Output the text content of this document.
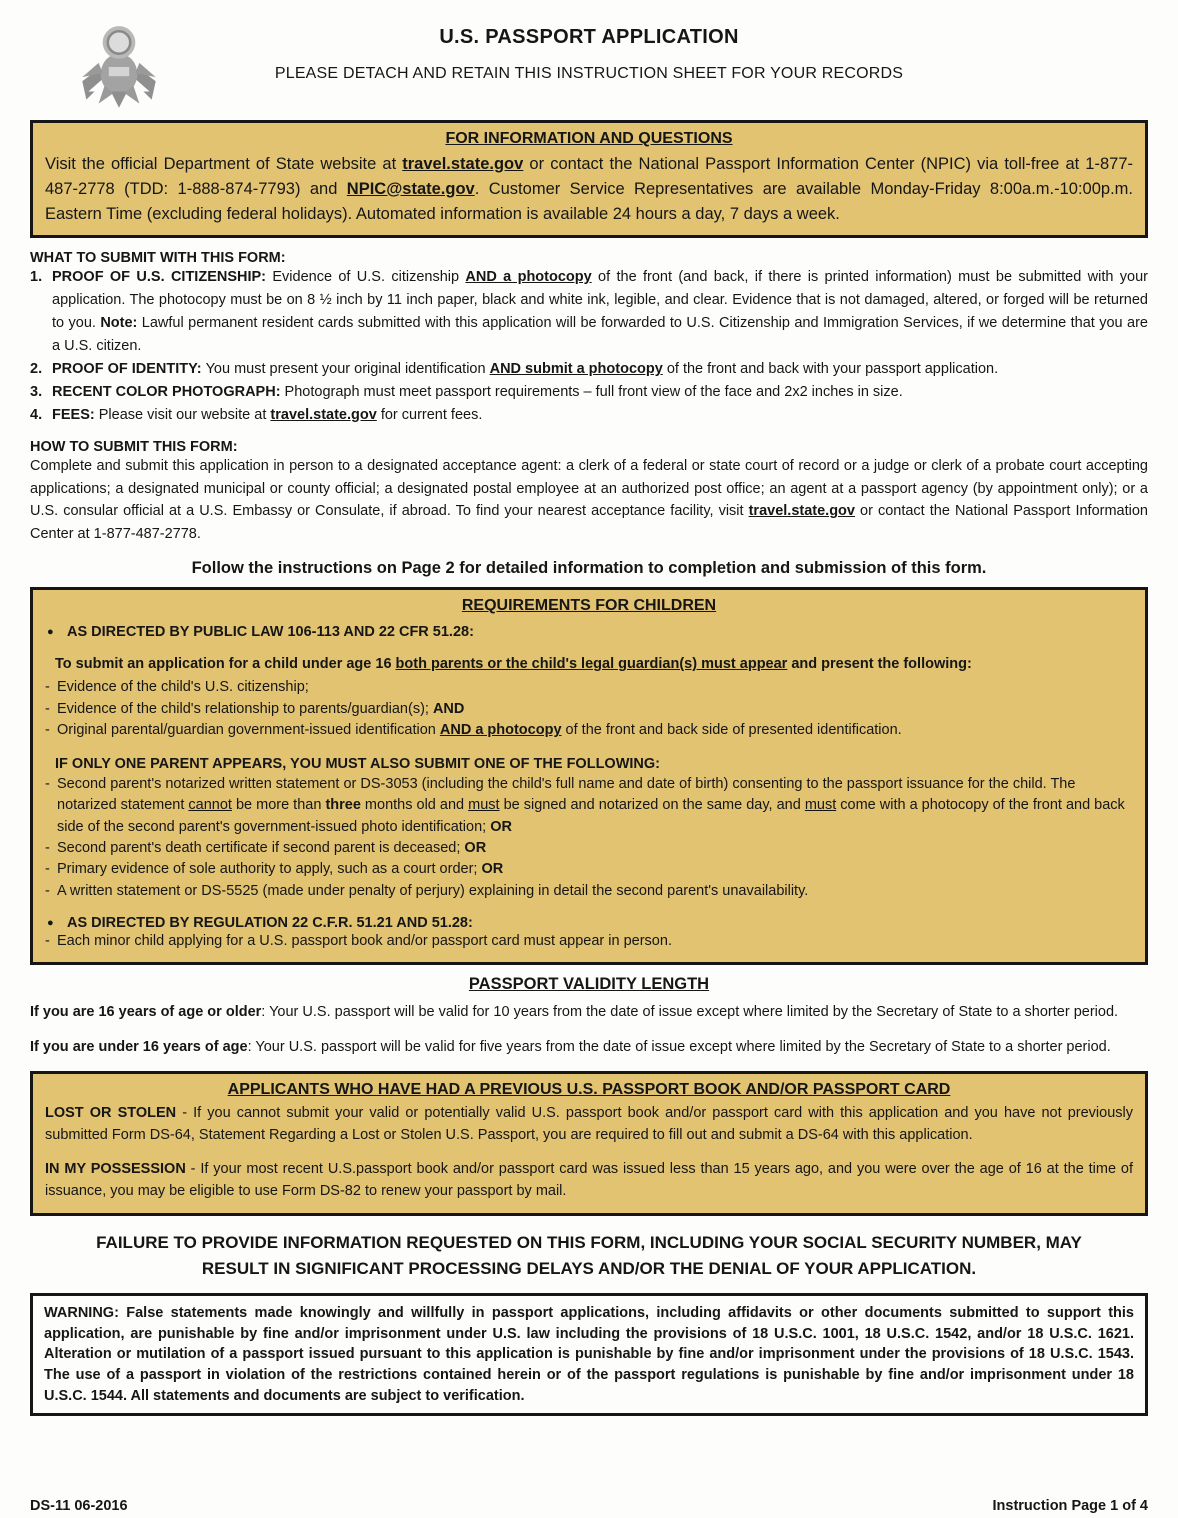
U.S. PASSPORT APPLICATION
PLEASE DETACH AND RETAIN THIS INSTRUCTION SHEET FOR YOUR RECORDS
FOR INFORMATION AND QUESTIONS
Visit the official Department of State website at travel.state.gov or contact the National Passport Information Center (NPIC) via toll-free at 1-877-487-2778 (TDD: 1-888-874-7793) and NPIC@state.gov. Customer Service Representatives are available Monday-Friday 8:00a.m.-10:00p.m. Eastern Time (excluding federal holidays). Automated information is available 24 hours a day, 7 days a week.
WHAT TO SUBMIT WITH THIS FORM:
1. PROOF OF U.S. CITIZENSHIP: Evidence of U.S. citizenship AND a photocopy of the front (and back, if there is printed information) must be submitted with your application. The photocopy must be on 8 ½ inch by 11 inch paper, black and white ink, legible, and clear. Evidence that is not damaged, altered, or forged will be returned to you. Note: Lawful permanent resident cards submitted with this application will be forwarded to U.S. Citizenship and Immigration Services, if we determine that you are a U.S. citizen.
2. PROOF OF IDENTITY: You must present your original identification AND submit a photocopy of the front and back with your passport application.
3. RECENT COLOR PHOTOGRAPH: Photograph must meet passport requirements – full front view of the face and 2x2 inches in size.
4. FEES: Please visit our website at travel.state.gov for current fees.
HOW TO SUBMIT THIS FORM:
Complete and submit this application in person to a designated acceptance agent: a clerk of a federal or state court of record or a judge or clerk of a probate court accepting applications; a designated municipal or county official; a designated postal employee at an authorized post office; an agent at a passport agency (by appointment only); or a U.S. consular official at a U.S. Embassy or Consulate, if abroad. To find your nearest acceptance facility, visit travel.state.gov or contact the National Passport Information Center at 1-877-487-2778.
Follow the instructions on Page 2 for detailed information to completion and submission of this form.
REQUIREMENTS FOR CHILDREN
● AS DIRECTED BY PUBLIC LAW 106-113 AND 22 CFR 51.28:
To submit an application for a child under age 16 both parents or the child's legal guardian(s) must appear and present the following:
- Evidence of the child's U.S. citizenship;
- Evidence of the child's relationship to parents/guardian(s); AND
- Original parental/guardian government-issued identification AND a photocopy of the front and back side of presented identification.
IF ONLY ONE PARENT APPEARS, YOU MUST ALSO SUBMIT ONE OF THE FOLLOWING:
- Second parent's notarized written statement or DS-3053 (including the child's full name and date of birth) consenting to the passport issuance for the child. The notarized statement cannot be more than three months old and must be signed and notarized on the same day, and must come with a photocopy of the front and back side of the second parent's government-issued photo identification; OR
- Second parent's death certificate if second parent is deceased; OR
- Primary evidence of sole authority to apply, such as a court order; OR
- A written statement or DS-5525 (made under penalty of perjury) explaining in detail the second parent's unavailability.
● AS DIRECTED BY REGULATION 22 C.F.R. 51.21 AND 51.28:
- Each minor child applying for a U.S. passport book and/or passport card must appear in person.
PASSPORT VALIDITY LENGTH
If you are 16 years of age or older: Your U.S. passport will be valid for 10 years from the date of issue except where limited by the Secretary of State to a shorter period.
If you are under 16 years of age: Your U.S. passport will be valid for five years from the date of issue except where limited by the Secretary of State to a shorter period.
APPLICANTS WHO HAVE HAD A PREVIOUS U.S. PASSPORT BOOK AND/OR PASSPORT CARD

LOST OR STOLEN - If you cannot submit your valid or potentially valid U.S. passport book and/or passport card with this application and you have not previously submitted Form DS-64, Statement Regarding a Lost or Stolen U.S. Passport, you are required to fill out and submit a DS-64 with this application.

IN MY POSSESSION - If your most recent U.S.passport book and/or passport card was issued less than 15 years ago, and you were over the age of 16 at the time of issuance, you may be eligible to use Form DS-82 to renew your passport by mail.

FAILURE TO PROVIDE INFORMATION REQUESTED ON THIS FORM, INCLUDING YOUR SOCIAL SECURITY NUMBER, MAY RESULT IN SIGNIFICANT PROCESSING DELAYS AND/OR THE DENIAL OF YOUR APPLICATION.
WARNING: False statements made knowingly and willfully in passport applications, including affidavits or other documents submitted to support this application, are punishable by fine and/or imprisonment under U.S. law including the provisions of 18 U.S.C. 1001, 18 U.S.C. 1542, and/or 18 U.S.C. 1621. Alteration or mutilation of a passport issued pursuant to this application is punishable by fine and/or imprisonment under the provisions of 18 U.S.C. 1543. The use of a passport in violation of the restrictions contained herein or of the passport regulations is punishable by fine and/or imprisonment under 18 U.S.C. 1544. All statements and documents are subject to verification.
DS-11 06-2016	Instruction Page 1 of 4
